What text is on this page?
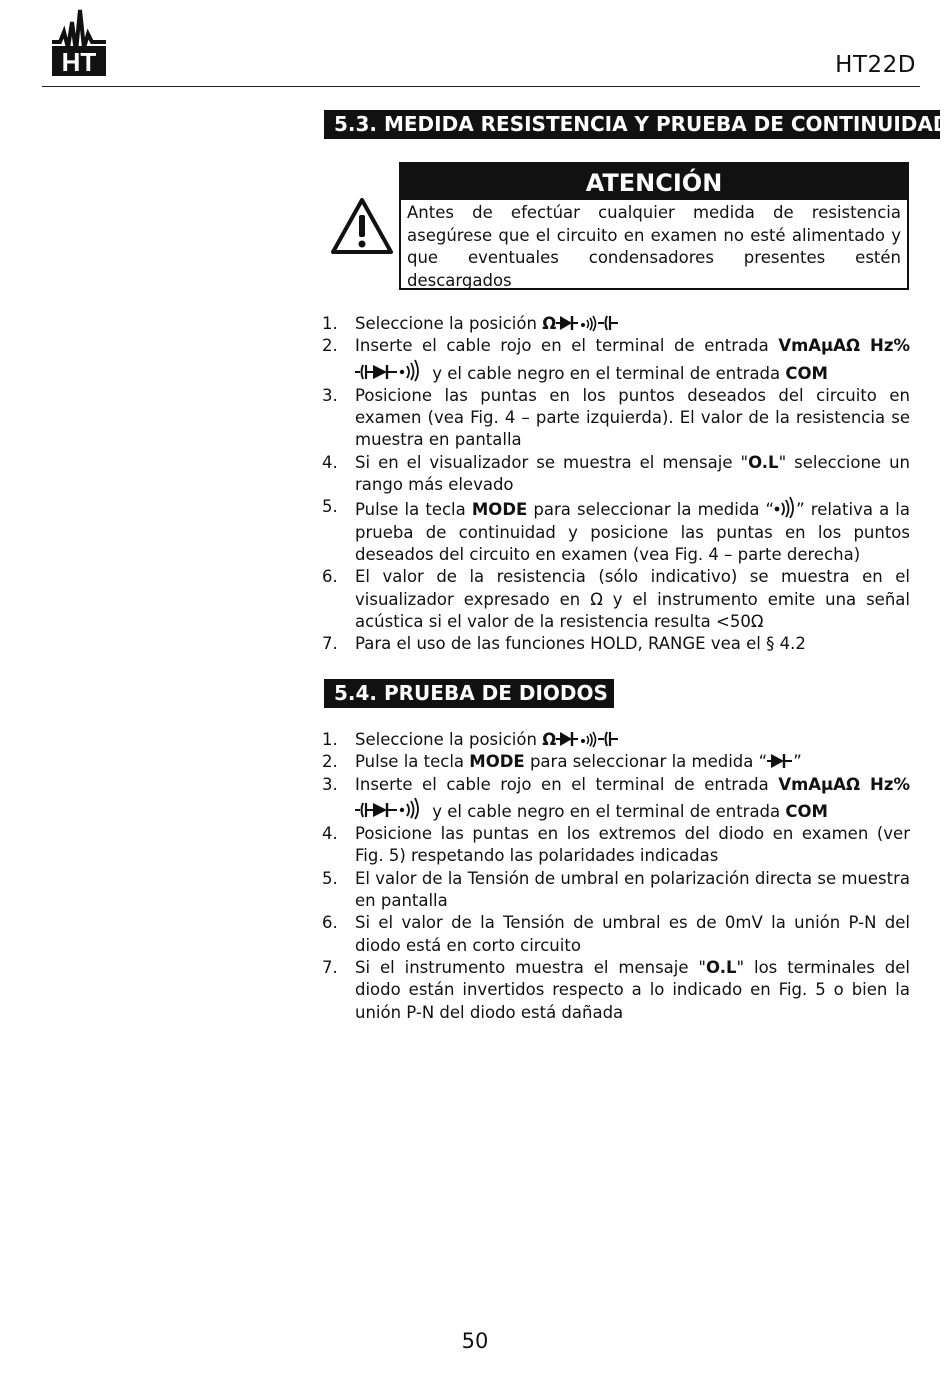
HT	HT22D
5.3. MEDIDA RESISTENCIA Y PRUEBA DE CONTINUIDAD
ATENCIÓN
Antes de efectúar cualquier medida de resistencia asegúrese que el circuito en examen no esté alimentado y que eventuales condensadores presentes estén descargados
1. Seleccione la posición Ω
2. Inserte el cable rojo en el terminal de entrada VmAμAΩ Hz% y el cable negro en el terminal de entrada COM
3. Posicione las puntas en los puntos deseados del circuito en examen (vea Fig. 4 – parte izquierda). El valor de la resistencia se muestra en pantalla
4. Si en el visualizador se muestra el mensaje "O.L" seleccione un rango más elevado
5. Pulse la tecla MODE para seleccionar la medida “ ” relativa a la prueba de continuidad y posicione las puntas en los puntos deseados del circuito en examen (vea Fig. 4 – parte derecha)
6. El valor de la resistencia (sólo indicativo) se muestra en el visualizador expresado en Ω y el instrumento emite una señal acústica si el valor de la resistencia resulta <50Ω
7. Para el uso de las funciones HOLD, RANGE vea el § 4.2
5.4. PRUEBA DE DIODOS
1. Seleccione la posición Ω
2. Pulse la tecla MODE para seleccionar la medida “ ”
3. Inserte el cable rojo en el terminal de entrada VmAμAΩ Hz% y el cable negro en el terminal de entrada COM
4. Posicione las puntas en los extremos del diodo en examen (ver Fig. 5) respetando las polaridades indicadas
5. El valor de la Tensión de umbral en polarización directa se muestra en pantalla
6. Si el valor de la Tensión de umbral es de 0mV la unión P-N del diodo está en corto circuito
7. Si el instrumento muestra el mensaje "O.L" los terminales del diodo están invertidos respecto a lo indicado en Fig. 5 o bien la unión P-N del diodo está dañada
50
